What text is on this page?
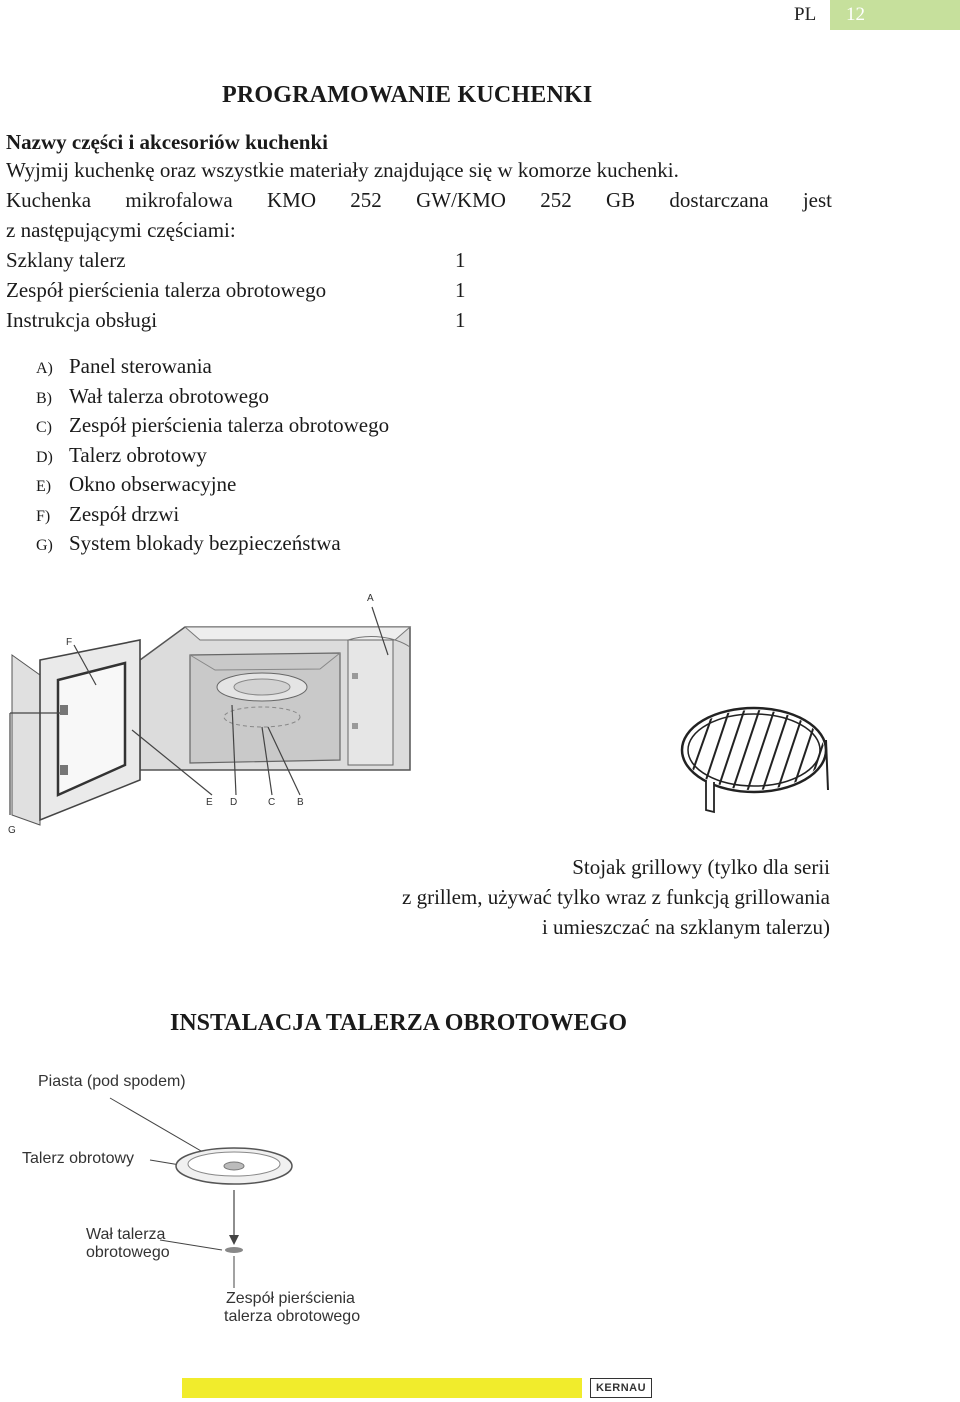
PL 12
PROGRAMOWANIE KUCHENKI
Nazwy części i akcesoriów kuchenki
Wyjmij kuchenkę oraz wszystkie materiały znajdujące się w komorze kuchenki.
Kuchenka mikrofalowa KMO 252 GW/KMO 252 GB dostarczana jest
z następującymi częściami:
Szklany talerz	1
Zespół pierścienia talerza obrotowego	1
Instrukcja obsługi	1
A) Panel sterowania
B) Wał talerza obrotowego
C) Zespół pierścienia talerza obrotowego
D) Talerz obrotowy
E) Okno obserwacyjne
F) Zespół drzwi
G) System blokady bezpieczeństwa
A
F
E D	C B
G
Stojak grillowy (tylko dla serii
z grillem, używać tylko wraz z funkcją grillowania
i umieszczać na szklanym talerzu)
INSTALACJA TALERZA OBROTOWEGO
Piasta (pod spodem)
Talerz obrotowy
Wał talerza
obrotowego
Zespół pierścienia
talerza obrotowego
KERNAU
